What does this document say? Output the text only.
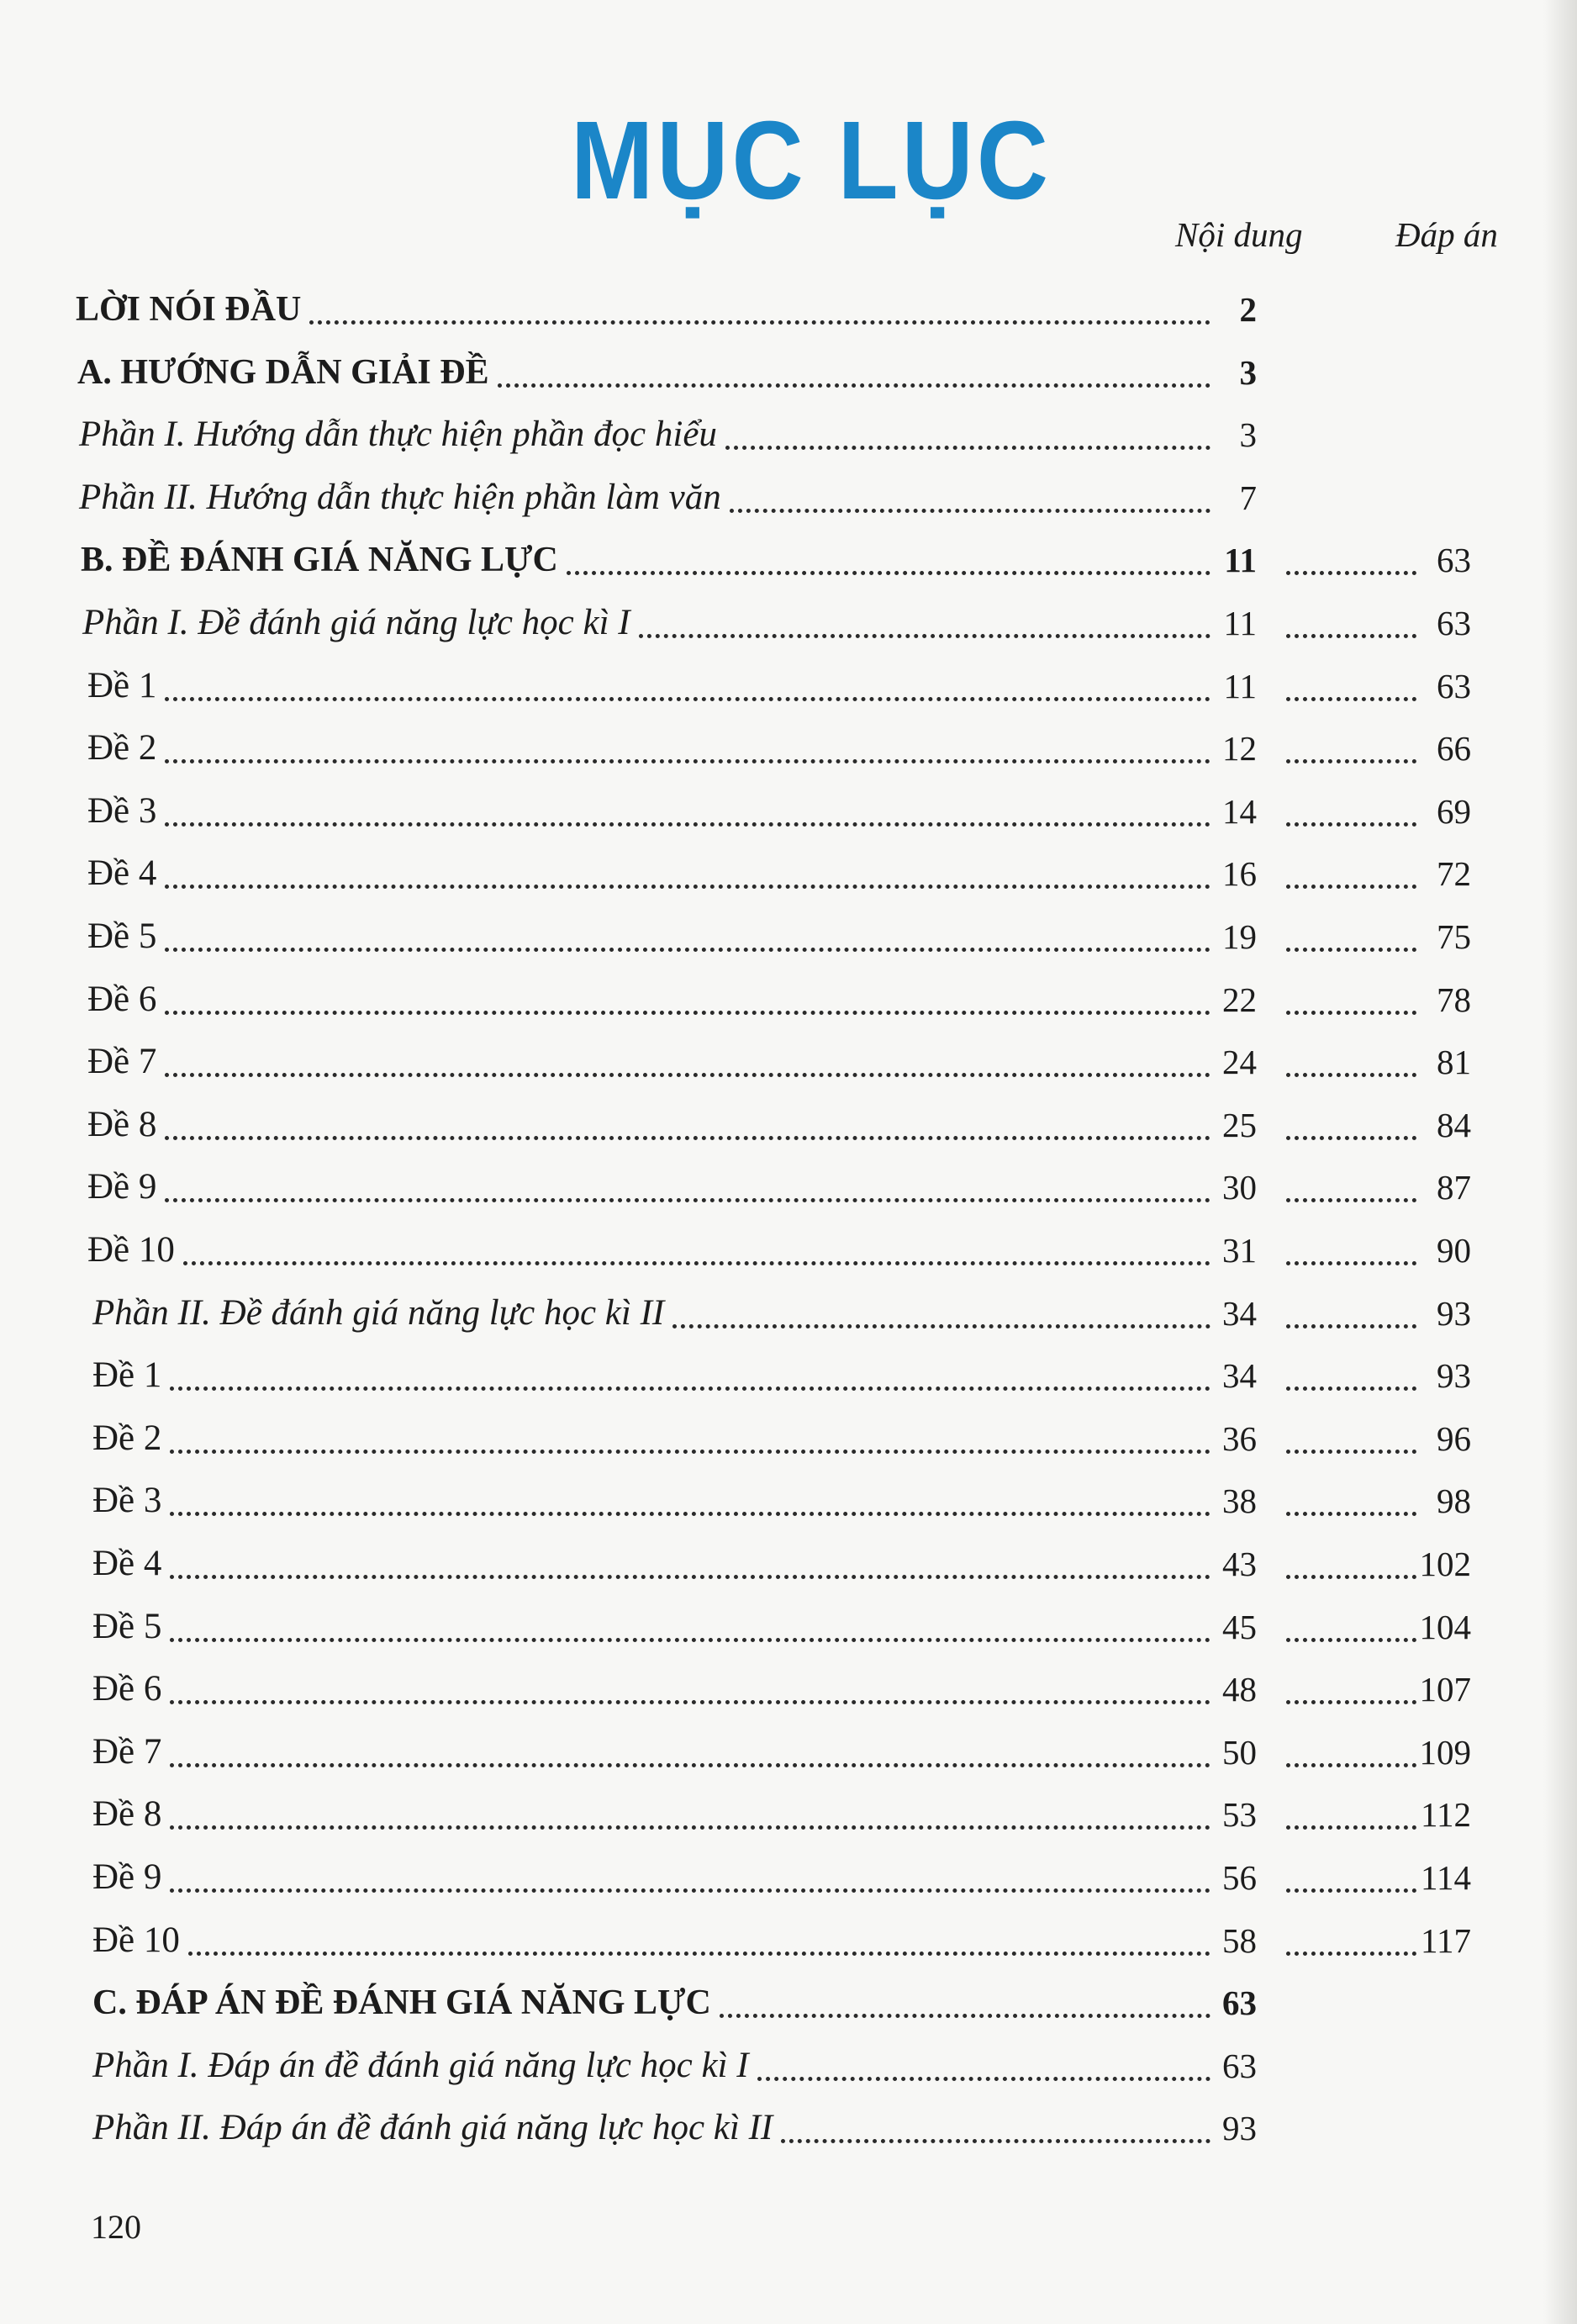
MỤC LỤC
Nội dung	Đáp án
LỜI NÓI ĐẦU	2
A. HƯỚNG DẪN GIẢI ĐỀ	3
Phần I. Hướng dẫn thực hiện phần đọc hiểu	3
Phần II. Hướng dẫn thực hiện phần làm văn	7
B. ĐỀ ĐÁNH GIÁ NĂNG LỰC	11	63
Phần I. Đề đánh giá năng lực học kì I	11	63
Đề 1	11	63
Đề 2	12	66
Đề 3	14	69
Đề 4	16	72
Đề 5	19	75
Đề 6	22	78
Đề 7	24	81
Đề 8	25	84
Đề 9	30	87
Đề 10	31	90
Phần II. Đề đánh giá năng lực học kì II	34	93
Đề 1	34	93
Đề 2	36	96
Đề 3	38	98
Đề 4	43	102
Đề 5	45	104
Đề 6	48	107
Đề 7	50	109
Đề 8	53	112
Đề 9	56	114
Đề 10	58	117
C. ĐÁP ÁN ĐỀ ĐÁNH GIÁ NĂNG LỰC	63
Phần I. Đáp án đề đánh giá năng lực học kì I	63
Phần II. Đáp án đề đánh giá năng lực học kì II	93
120
